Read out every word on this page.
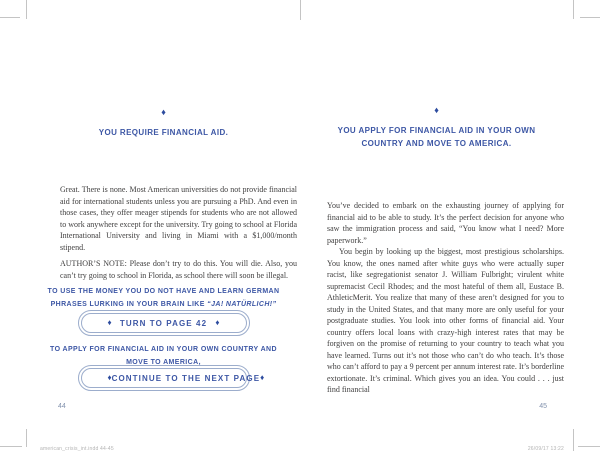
♦
YOU REQUIRE FINANCIAL AID.

Great. There is none. Most American universities do not provide financial aid for international students unless you are pursuing a PhD. And even in those cases, they offer meager stipends for students who are not allowed to work anywhere except for the university. Try going to school at Florida International University and living in Miami with a $1,000/month stipend.

AUTHOR’S NOTE: Please don’t try to do this. You will die. Also, you can’t try going to school in Florida, as school there will soon be illegal.

TO USE THE MONEY YOU DO NOT HAVE AND LEARN GERMAN PHRASES LURKING IN YOUR BRAIN LIKE “JA! NATÜRLICH!”

♦ TURN TO PAGE 42 ♦

TO APPLY FOR FINANCIAL AID IN YOUR OWN COUNTRY AND MOVE TO AMERICA,

♦ CONTINUE TO THE NEXT PAGE ♦
44
♦
YOU APPLY FOR FINANCIAL AID IN YOUR OWN COUNTRY AND MOVE TO AMERICA.

You’ve decided to embark on the exhausting journey of applying for financial aid to be able to study. It’s the perfect decision for anyone who saw the immigration process and said, “You know what I need? More paperwork.”

You begin by looking up the biggest, most prestigious scholarships. You know, the ones named after white guys who were actually super racist, like segregationist senator J. William Fulbright; virulent white supremacist Cecil Rhodes; and the most hateful of them all, Eustace B. AthleticMerit. You realize that many of these aren’t designed for you to study in the United States, and that many more are only useful for your postgraduate studies. You look into other forms of financial aid. Your country offers local loans with crazy-high interest rates that may be forgiven on the promise of returning to your country to teach what you have learned. Turns out it’s not those who can’t do who teach. It’s those who can’t afford to pay a 9 percent per annum interest rate. It’s borderline extortionate. It’s criminal. Which gives you an idea. You could . . . just find financial

45
american_crisis_int.indd 44-45	26/09/17 13:22
